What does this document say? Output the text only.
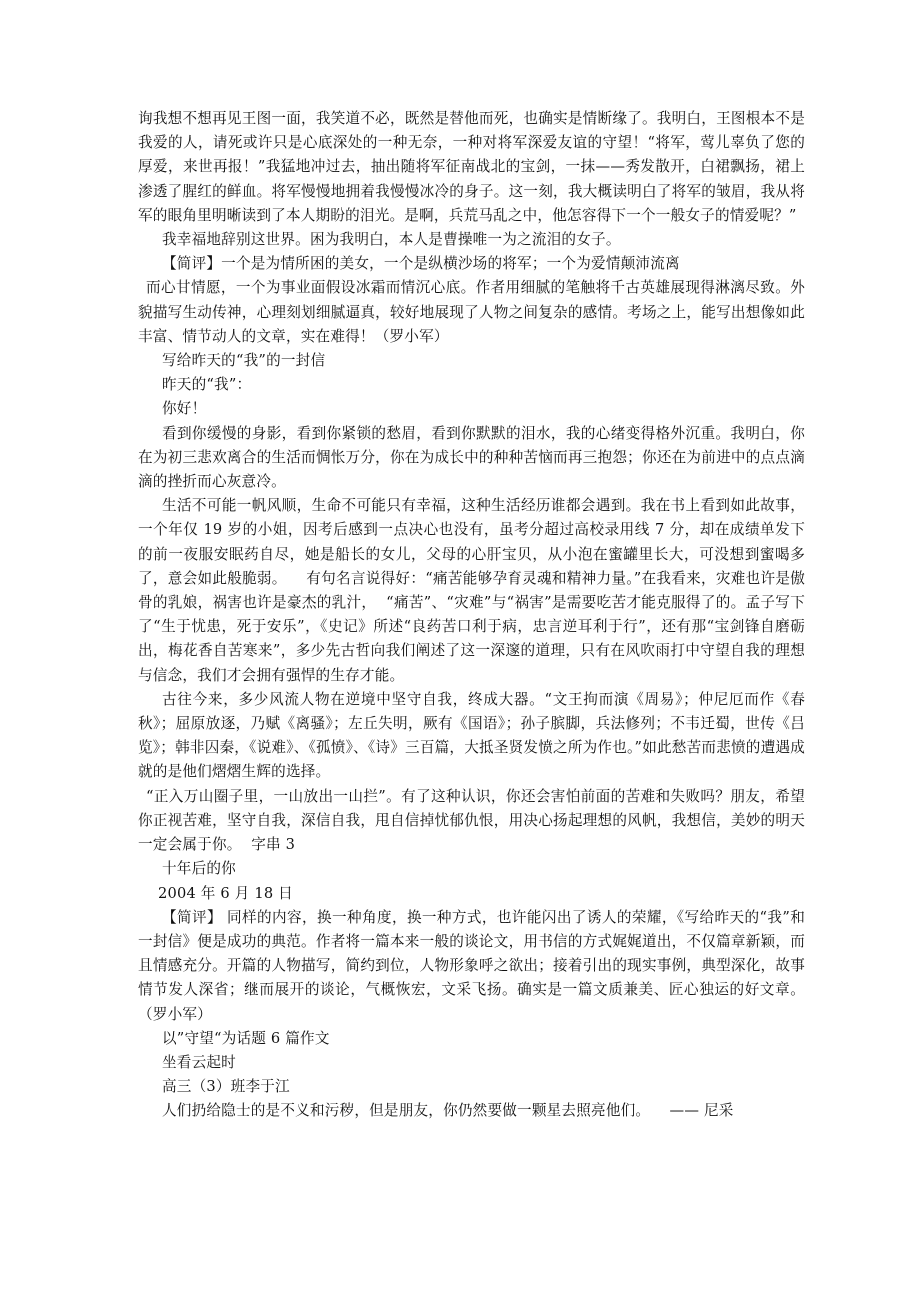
询我想不想再见王图一面，我笑道不必，既然是替他而死，也确实是情断缘了。我明白，王图根本不是我爱的人，请死或许只是心底深处的一种无奈，一种对将军深爱友谊的守望！“将军，莺儿辜负了您的厚爱，来世再报！”我猛地冲过去，抽出随将军征南战北的宝剑，一抹——秀发散开，白裙飘扬，裙上渗透了腥红的鲜血。将军慢慢地拥着我慢慢冰冷的身子。这一刻，我大概读明白了将军的皱眉，我从将军的眼角里明晰读到了本人期盼的泪光。是啊，兵荒马乱之中，他怎容得下一个一般女子的情爱呢？”

我幸福地辞别这世界。困为我明白，本人是曹操唯一为之流泪的女子。

【简评】一个是为情所困的美女，一个是纵横沙场的将军；一个为爱情颠沛流离

而心甘情愿，一个为事业面假设冰霜而情沉心底。作者用细腻的笔触将千古英雄展现得淋漓尽致。外貌描写生动传神，心理刻划细腻逼真，较好地展现了人物之间复杂的感情。考场之上，能写出想像如此丰富、情节动人的文章，实在难得！（罗小军）

写给昨天的“我”的一封信

昨天的“我”：

你好！

看到你缓慢的身影，看到你紧锁的愁眉，看到你默默的泪水，我的心绪变得格外沉重。我明白，你在为初三悲欢离合的生活而惆怅万分，你在为成长中的种种苦恼而再三抱怨；你还在为前进中的点点滴滴的挫折而心灰意冷。

生活不可能一帆风顺，生命不可能只有幸福，这种生活经历谁都会遇到。我在书上看到如此故事，一个年仅 19 岁的小姐，因考后感到一点决心也没有，虽考分超过高校录用线 7 分，却在成绩单发下的前一夜服安眠药自尽，她是船长的女儿，父母的心肝宝贝，从小泡在蜜罐里长大，可没想到蜜喝多了，意会如此般脆弱。    有句名言说得好：“痛苦能够孕育灵魂和精神力量。”在我看来，灾难也许是傲骨的乳娘，祸害也许是豪杰的乳汁，  “痛苦”、“灾难”与“祸害”是需要吃苦才能克服得了的。孟子写下了“生于忧患，死于安乐”，《史记》所述“良药苦口利于病，忠言逆耳利于行”，还有那“宝剑锋自磨砺出，梅花香自苦寒来”，多少先古哲向我们阐述了这一深邃的道理，只有在风吹雨打中守望自我的理想与信念，我们才会拥有强悍的生存才能。

古往今来，多少风流人物在逆境中坚守自我，终成大器。“文王拘而演《周易》；仲尼厄而作《春秋》；屈原放逐，乃赋《离骚》；左丘失明，厥有《国语》；孙子膑脚，兵法修列；不韦迁蜀，世传《吕览》；韩非囚秦，《说难》、《孤愤》、《诗》三百篇，大抵圣贤发愤之所为作也。”如此愁苦而悲愤的遭遇成就的是他们熠熠生辉的选择。

“正入万山圈子里，一山放出一山拦”。有了这种认识，你还会害怕前面的苦难和失败吗？朋友，希望你正视苦难，坚守自我，深信自我，甩自信掉忧郁仇恨，用决心扬起理想的风帆，我想信，美妙的明天一定会属于你。  字串 3

十年后的你

2004 年 6 月 18 日

【简评】 同样的内容，换一种角度，换一种方式，也许能闪出了诱人的荣耀，《写给昨天的“我”和一封信》便是成功的典范。作者将一篇本来一般的谈论文，用书信的方式娓娓道出，不仅篇章新颖，而且情感充分。开篇的人物描写，简约到位，人物形象呼之欲出；接着引出的现实事例，典型深化，故事情节发人深省；继而展开的谈论，气概恢宏，文采飞扬。确实是一篇文质兼美、匠心独运的好文章。（罗小军）

以”守望“为话题 6 篇作文

坐看云起时

高三（3）班李于江

人们扔给隐士的是不义和污秽，但是朋友，你仍然要做一颗星去照亮他们。    —— 尼采
